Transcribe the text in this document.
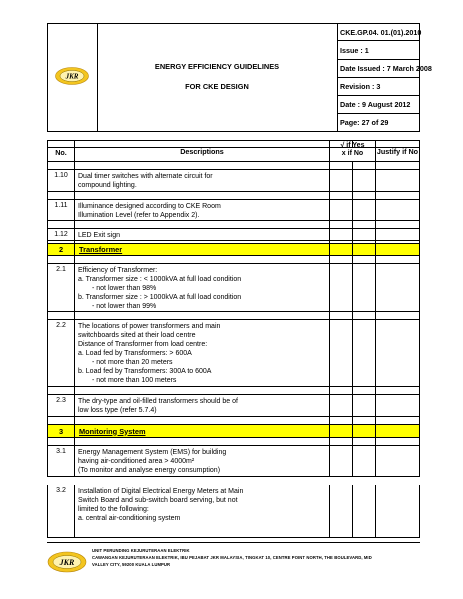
JKR
ENERGY EFFICIENCY GUIDELINES
FOR CKE DESIGN
CKE.GP.04. 01.(01).2010
Issue : 1
Date Issued : 7 March 2008
Revision : 3
Date : 9 August 2012
Page: 27 of 29
No.	Descriptions
√ if Yes
x if No	Justify if No
1.10	Dual timer switches with alternate circuit for
compound lighting.
1.11	Illuminance designed according to CKE Room
Illumination Level (refer to Appendix 2).
1.12	LED Exit sign
2	Transformer
2.1	Efficiency of Transformer:
a. Transformer size : < 1000kVA at full load condition
- not lower than 98%
b. Transformer size : > 1000kVA at full load condition
- not lower than 99%
2.2	The locations of power transformers and main
switchboards sited at their load centre
Distance of Transformer from load centre:
a. Load fed by Transformers: > 600A
- not more than 20 meters
b. Load fed by Transformers: 300A to 600A
- not more than 100 meters
2.3	The dry-type and oil-filled transformers should be of
low loss type (refer 5.7.4)
3	Monitoring System
3.1	Energy Management System (EMS) for building
having air-conditioned area > 4000m²
(To monitor and analyse energy consumption)
3.2	Installation of Digital Electrical Energy Meters at Main
Switch Board and sub-switch board serving, but not
limited to the following:
a. central air-conditioning system
JKR
UNIT PERUNDING KEJURUTERAAN ELEKTRIK
CAWANGAN KEJURUTERAAN ELEKTRIK, IBU PEJABAT JKR MALAYSIA, TINGKAT 10, CENTRE POINT NORTH, THE BOULEVARD, MID
VALLEY CITY, 59200 KUALA LUMPUR
